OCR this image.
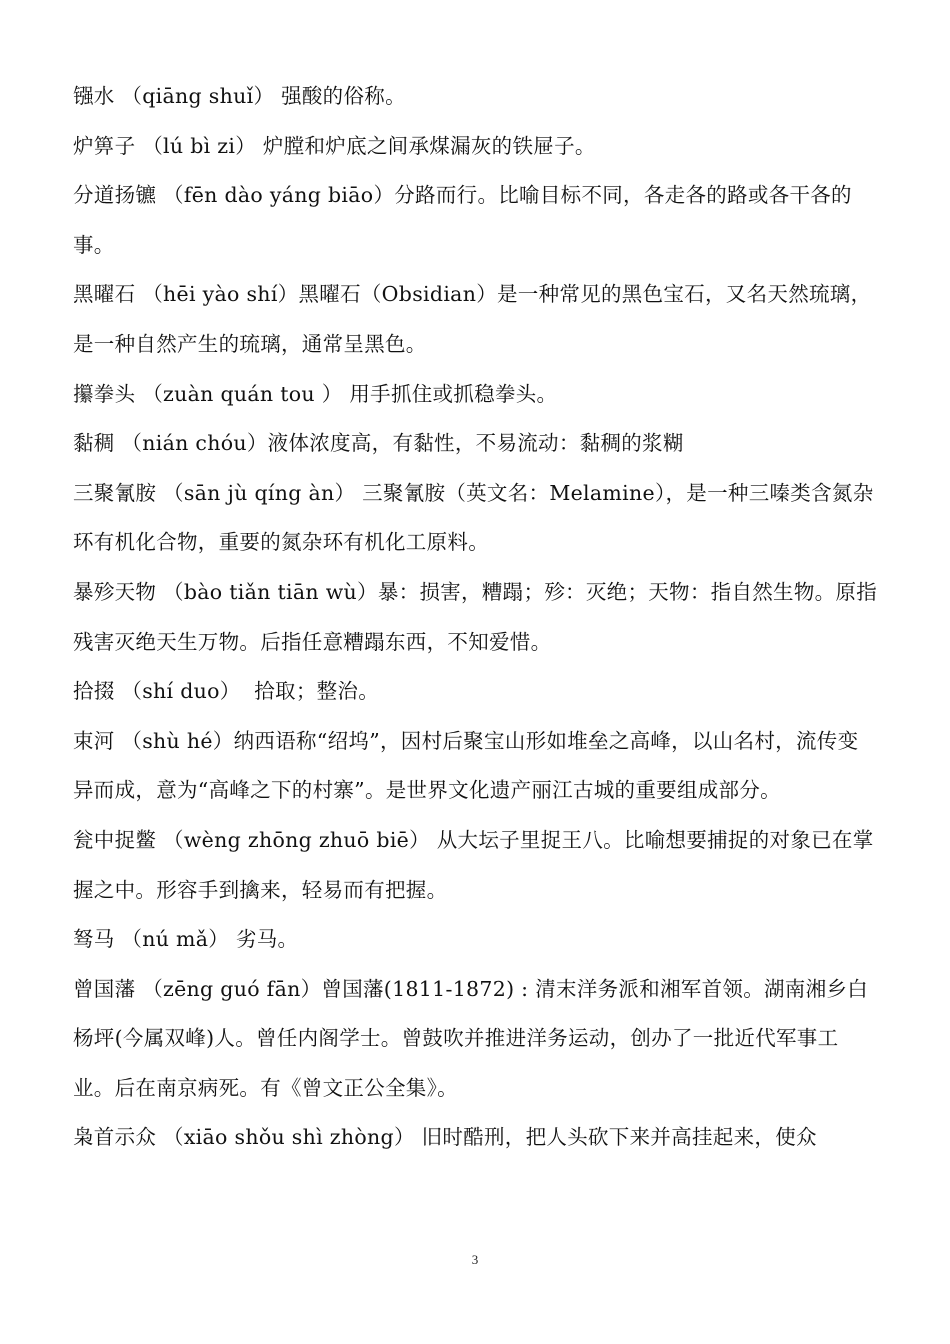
镪水 （qiāng shuǐ） 强酸的俗称。

炉箅子 （lú bì zi） 炉膛和炉底之间承煤漏灰的铁屉子。

分道扬镳 （fēn dào yáng biāo）分路而行。比喻目标不同，各走各的路或各干各的事。

黑曜石 （hēi yào shí）黑曜石（Obsidian）是一种常见的黑色宝石，又名天然琉璃，是一种自然产生的琉璃，通常呈黑色。

攥拳头 （zuàn quán tou ） 用手抓住或抓稳拳头。

黏稠 （nián chóu）液体浓度高，有黏性，不易流动：黏稠的浆糊

三聚氰胺 （sān jù qíng àn） 三聚氰胺（英文名：Melamine），是一种三嗪类含氮杂环有机化合物，重要的氮杂环有机化工原料。

暴殄天物 （bào tiǎn tiān wù）暴：损害，糟蹋；殄：灭绝；天物：指自然生物。原指残害灭绝天生万物。后指任意糟蹋东西，不知爱惜。

拾掇 （shí duo）  拾取；整治。

束河 （shù hé）纳西语称“绍坞”，因村后聚宝山形如堆垒之高峰，以山名村，流传变异而成，意为“高峰之下的村寨”。是世界文化遗产丽江古城的重要组成部分。

瓮中捉鳖 （wèng zhōng zhuō biē） 从大坛子里捉王八。比喻想要捕捉的对象已在掌握之中。形容手到擒来，轻易而有把握。

驽马 （nú mǎ） 劣马。

曾国藩 （zēng guó fān）曾国藩(1811-1872) : 清末洋务派和湘军首领。湖南湘乡白杨坪(今属双峰)人。曾任内阁学士。曾鼓吹并推进洋务运动，创办了一批近代军事工业。后在南京病死。有《曾文正公全集》。

枭首示众 （xiāo shǒu shì zhòng） 旧时酷刑，把人头砍下来并高挂起来，使众

3
